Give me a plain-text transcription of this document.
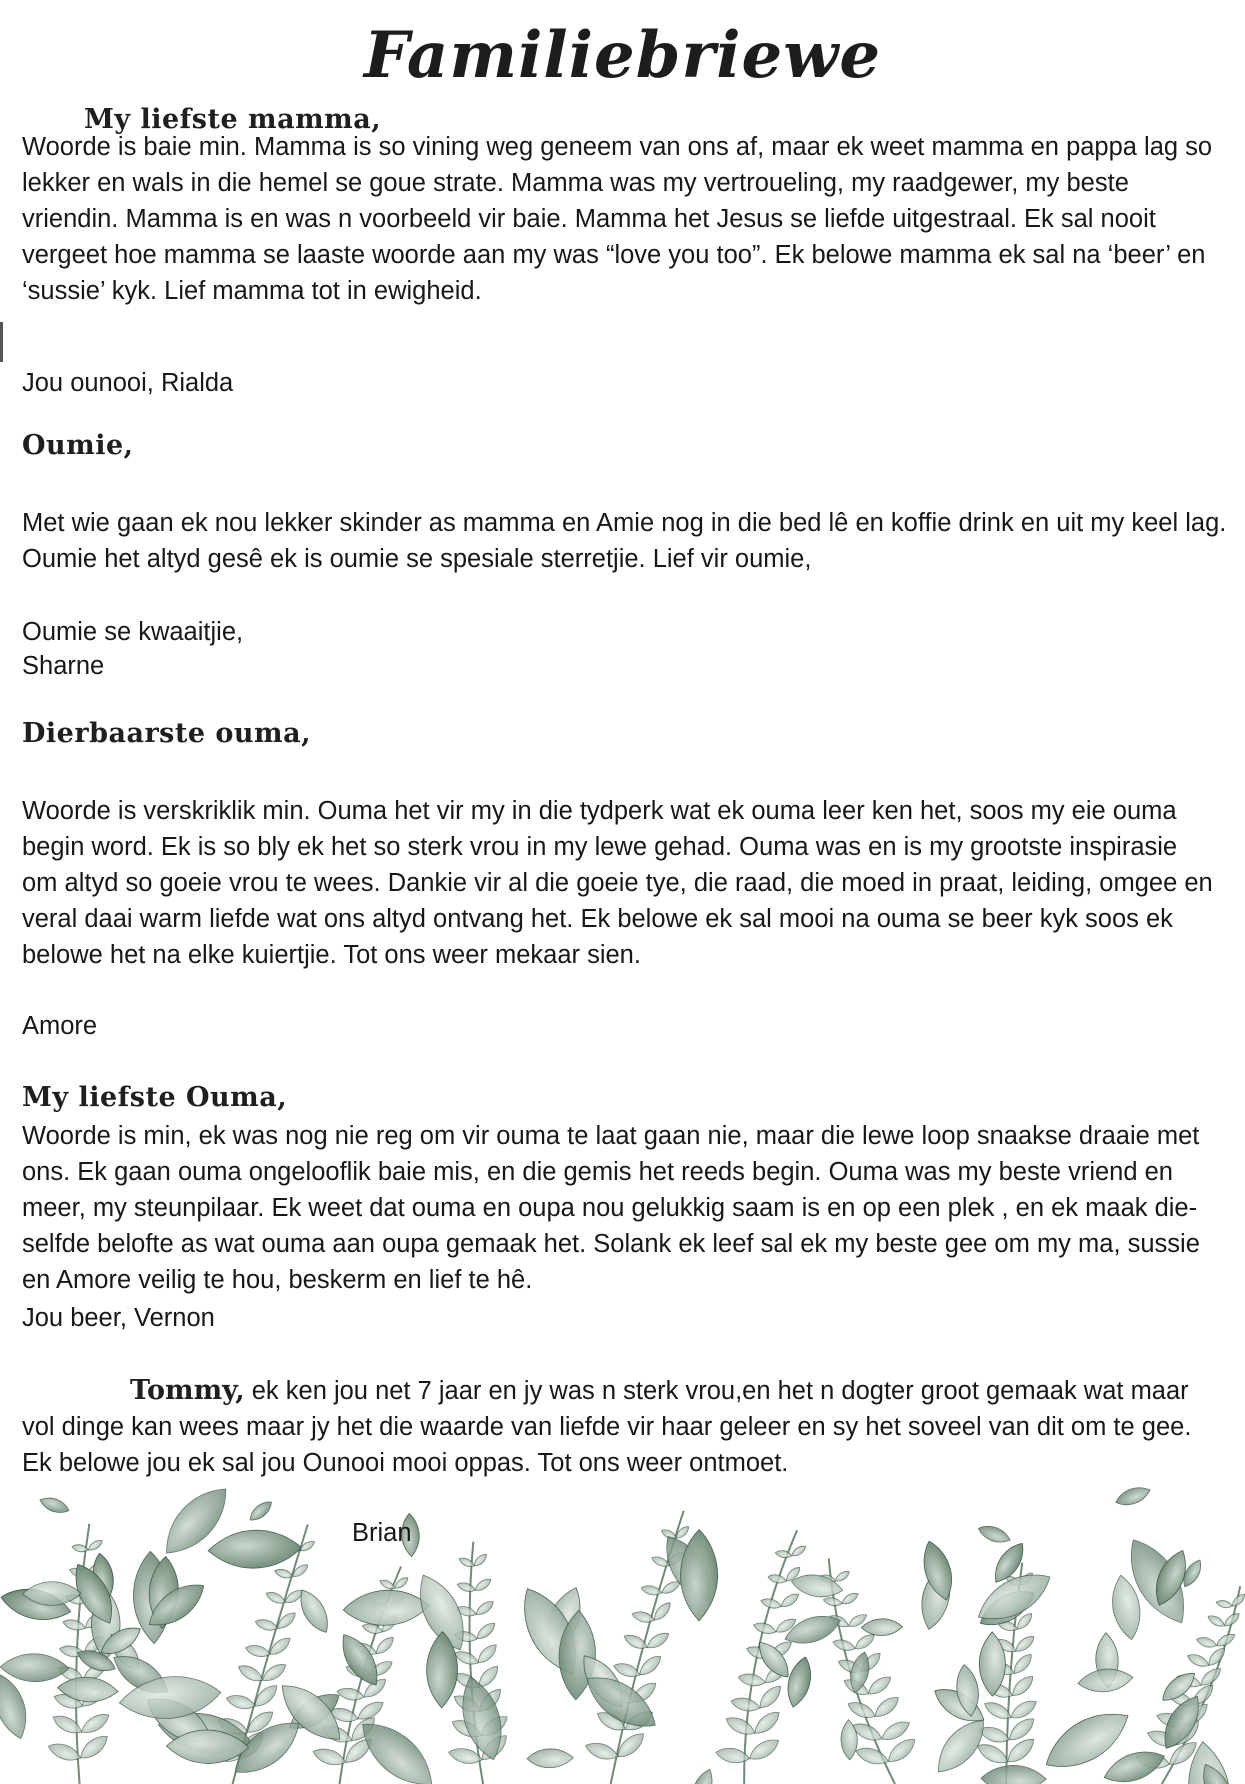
Familiebriewe
My liefste mamma,
Woorde is baie min. Mamma is so vining weg geneem van ons af, maar ek weet mamma en pappa lag so
lekker en wals in die hemel se goue strate. Mamma was my vertroueling, my raadgewer, my beste
vriendin. Mamma is en was n voorbeeld vir baie. Mamma het Jesus se liefde uitgestraal. Ek sal nooit
vergeet hoe mamma se laaste woorde aan my was “love you too”. Ek belowe mamma ek sal na ‘beer’ en
‘sussie’ kyk. Lief mamma tot in ewigheid.

Jou ounooi, Rialda

Oumie,
Met wie gaan ek nou lekker skinder as mamma en Amie nog in die bed lê en koffie drink en uit my keel lag.
Oumie het altyd gesê ek is oumie se spesiale sterretjie. Lief vir oumie,

Oumie se kwaaitjie,

Sharne

Dierbaarste ouma,
Woorde is verskriklik min. Ouma het vir my in die tydperk wat ek ouma leer ken het, soos my eie ouma
begin word. Ek is so bly ek het so sterk vrou in my lewe gehad. Ouma was en is my grootste inspirasie
om altyd so goeie vrou te wees. Dankie vir al die goeie tye, die raad, die moed in praat, leiding, omgee en
veral daai warm liefde wat ons altyd ontvang het. Ek belowe ek sal mooi na ouma se beer kyk soos ek
belowe het na elke kuiertjie. Tot ons weer mekaar sien.

Amore

My liefste Ouma,
Woorde is min, ek was nog nie reg om vir ouma te laat gaan nie, maar die lewe loop snaakse draaie met
ons. Ek gaan ouma ongelooflik baie mis, en die gemis het reeds begin. Ouma was my beste vriend en
meer, my steunpilaar. Ek weet dat ouma en oupa nou gelukkig saam is en op een plek , en ek maak die-
selfde belofte as wat ouma aan oupa gemaak het. Solank ek leef sal ek my beste gee om my ma, sussie
en Amore veilig te hou, beskerm en lief te hê.

Jou beer, Vernon

Tommy, ek ken jou net 7 jaar en jy was n sterk vrou,en het n dogter groot gemaak wat maar
vol dinge kan wees maar jy het die waarde van liefde vir haar geleer en sy het soveel van dit om te gee.
Ek belowe jou ek sal jou Ounooi mooi oppas. Tot ons weer ontmoet.

Brian
